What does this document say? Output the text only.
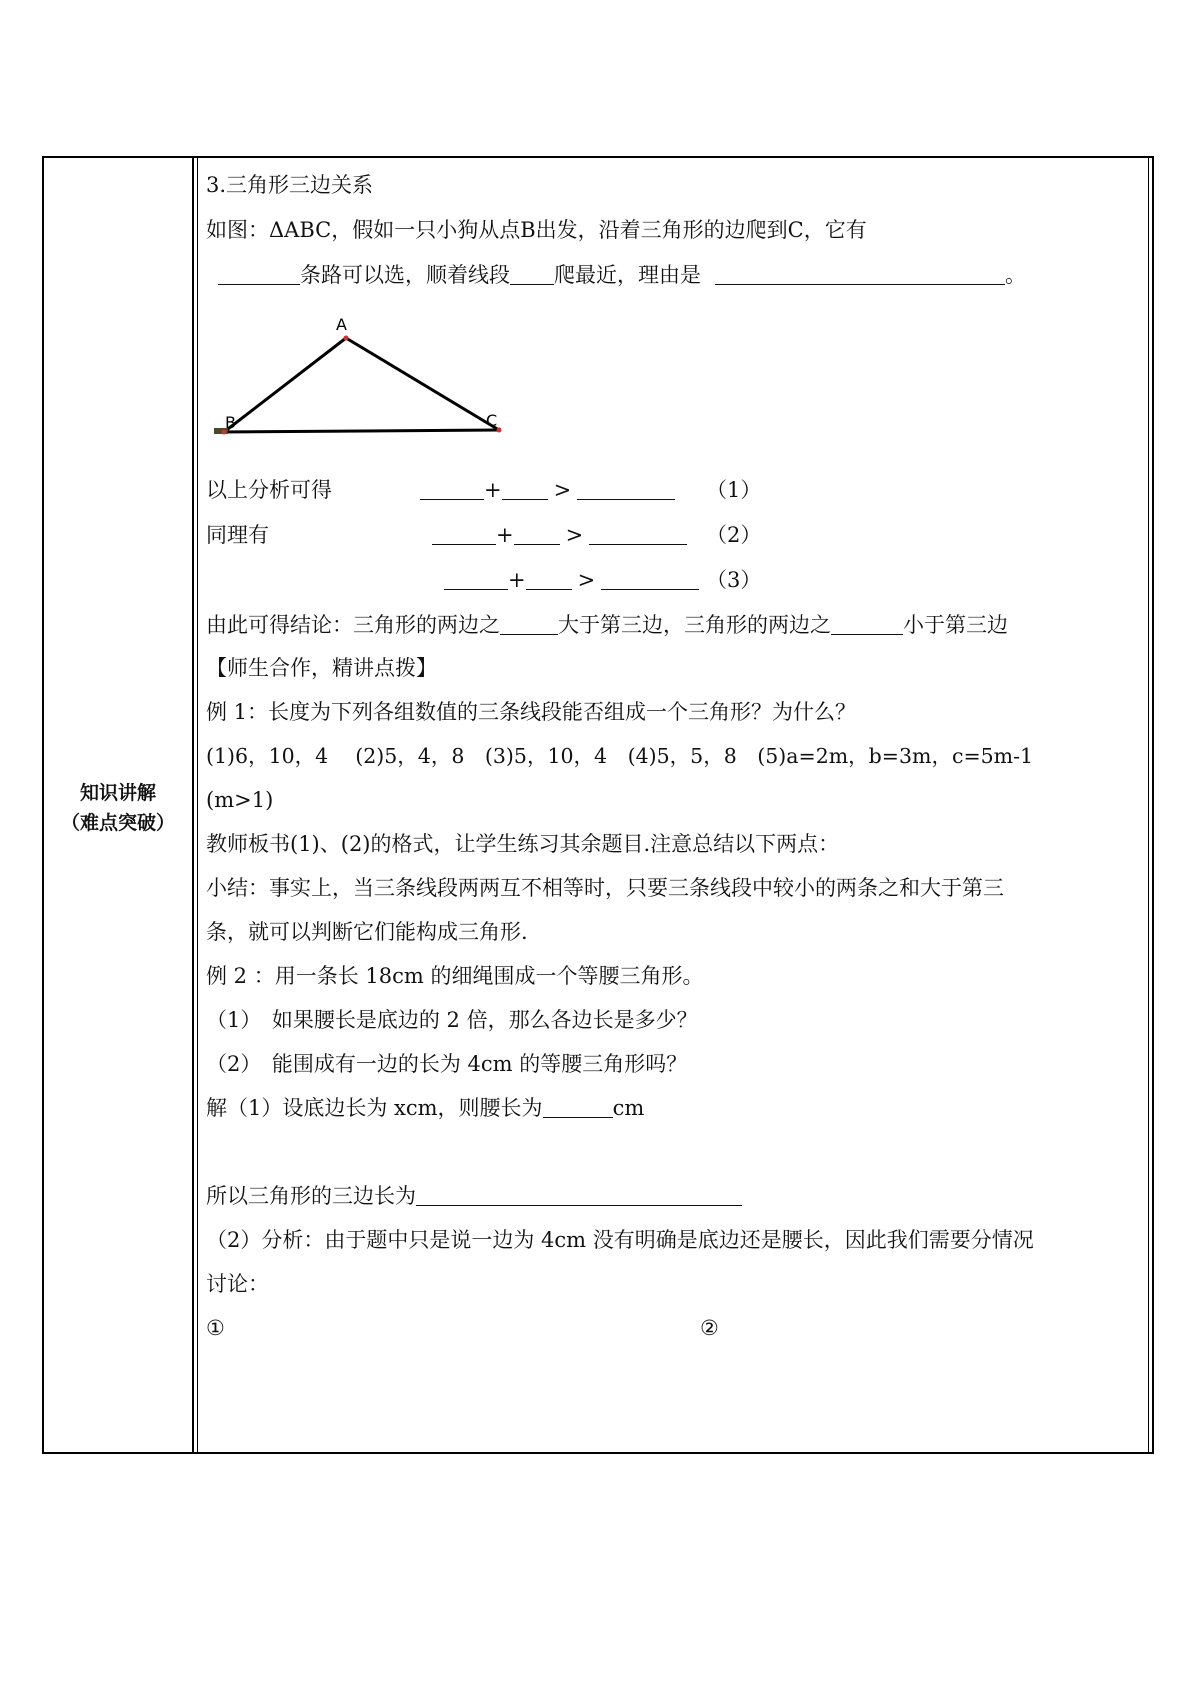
知识讲解
（难点突破）
3.三角形三边关系
如图：ΔABC，假如一只小狗从点B出发，沿着三角形的边爬到C，它有
条路可以选，顺着线段 爬最近，理由是	。
A
B	C
以上分析可得	+ >	（1）
同理有	+ >	（2）
+ >	（3）
由此可得结论：三角形的两边之	大于第三边，三角形的两边之	小于第三边
【师生合作，精讲点拨】
例 1：长度为下列各组数值的三条线段能否组成一个三角形？为什么？
(1)6，10，4　 (2)5，4，8　(3)5，10，4　(4)5，5，8　(5)a=2m，b=3m，c=5m-1
(m>1)
教师板书(1)、(2)的格式，让学生练习其余题目.注意总结以下两点：
小结：事实上，当三条线段两两互不相等时，只要三条线段中较小的两条之和大于第三
条，就可以判断它们能构成三角形.
例 2 ：用一条长 18cm 的细绳围成一个等腰三角形。
（1）　如果腰长是底边的 2 倍，那么各边长是多少？
（2）　能围成有一边的长为 4cm 的等腰三角形吗？
解（1）设底边长为 xcm，则腰长为	cm
所以三角形的三边长为
（2）分析：由于题中只是说一边为 4cm 没有明确是底边还是腰长，因此我们需要分情况
讨论：
①	②
